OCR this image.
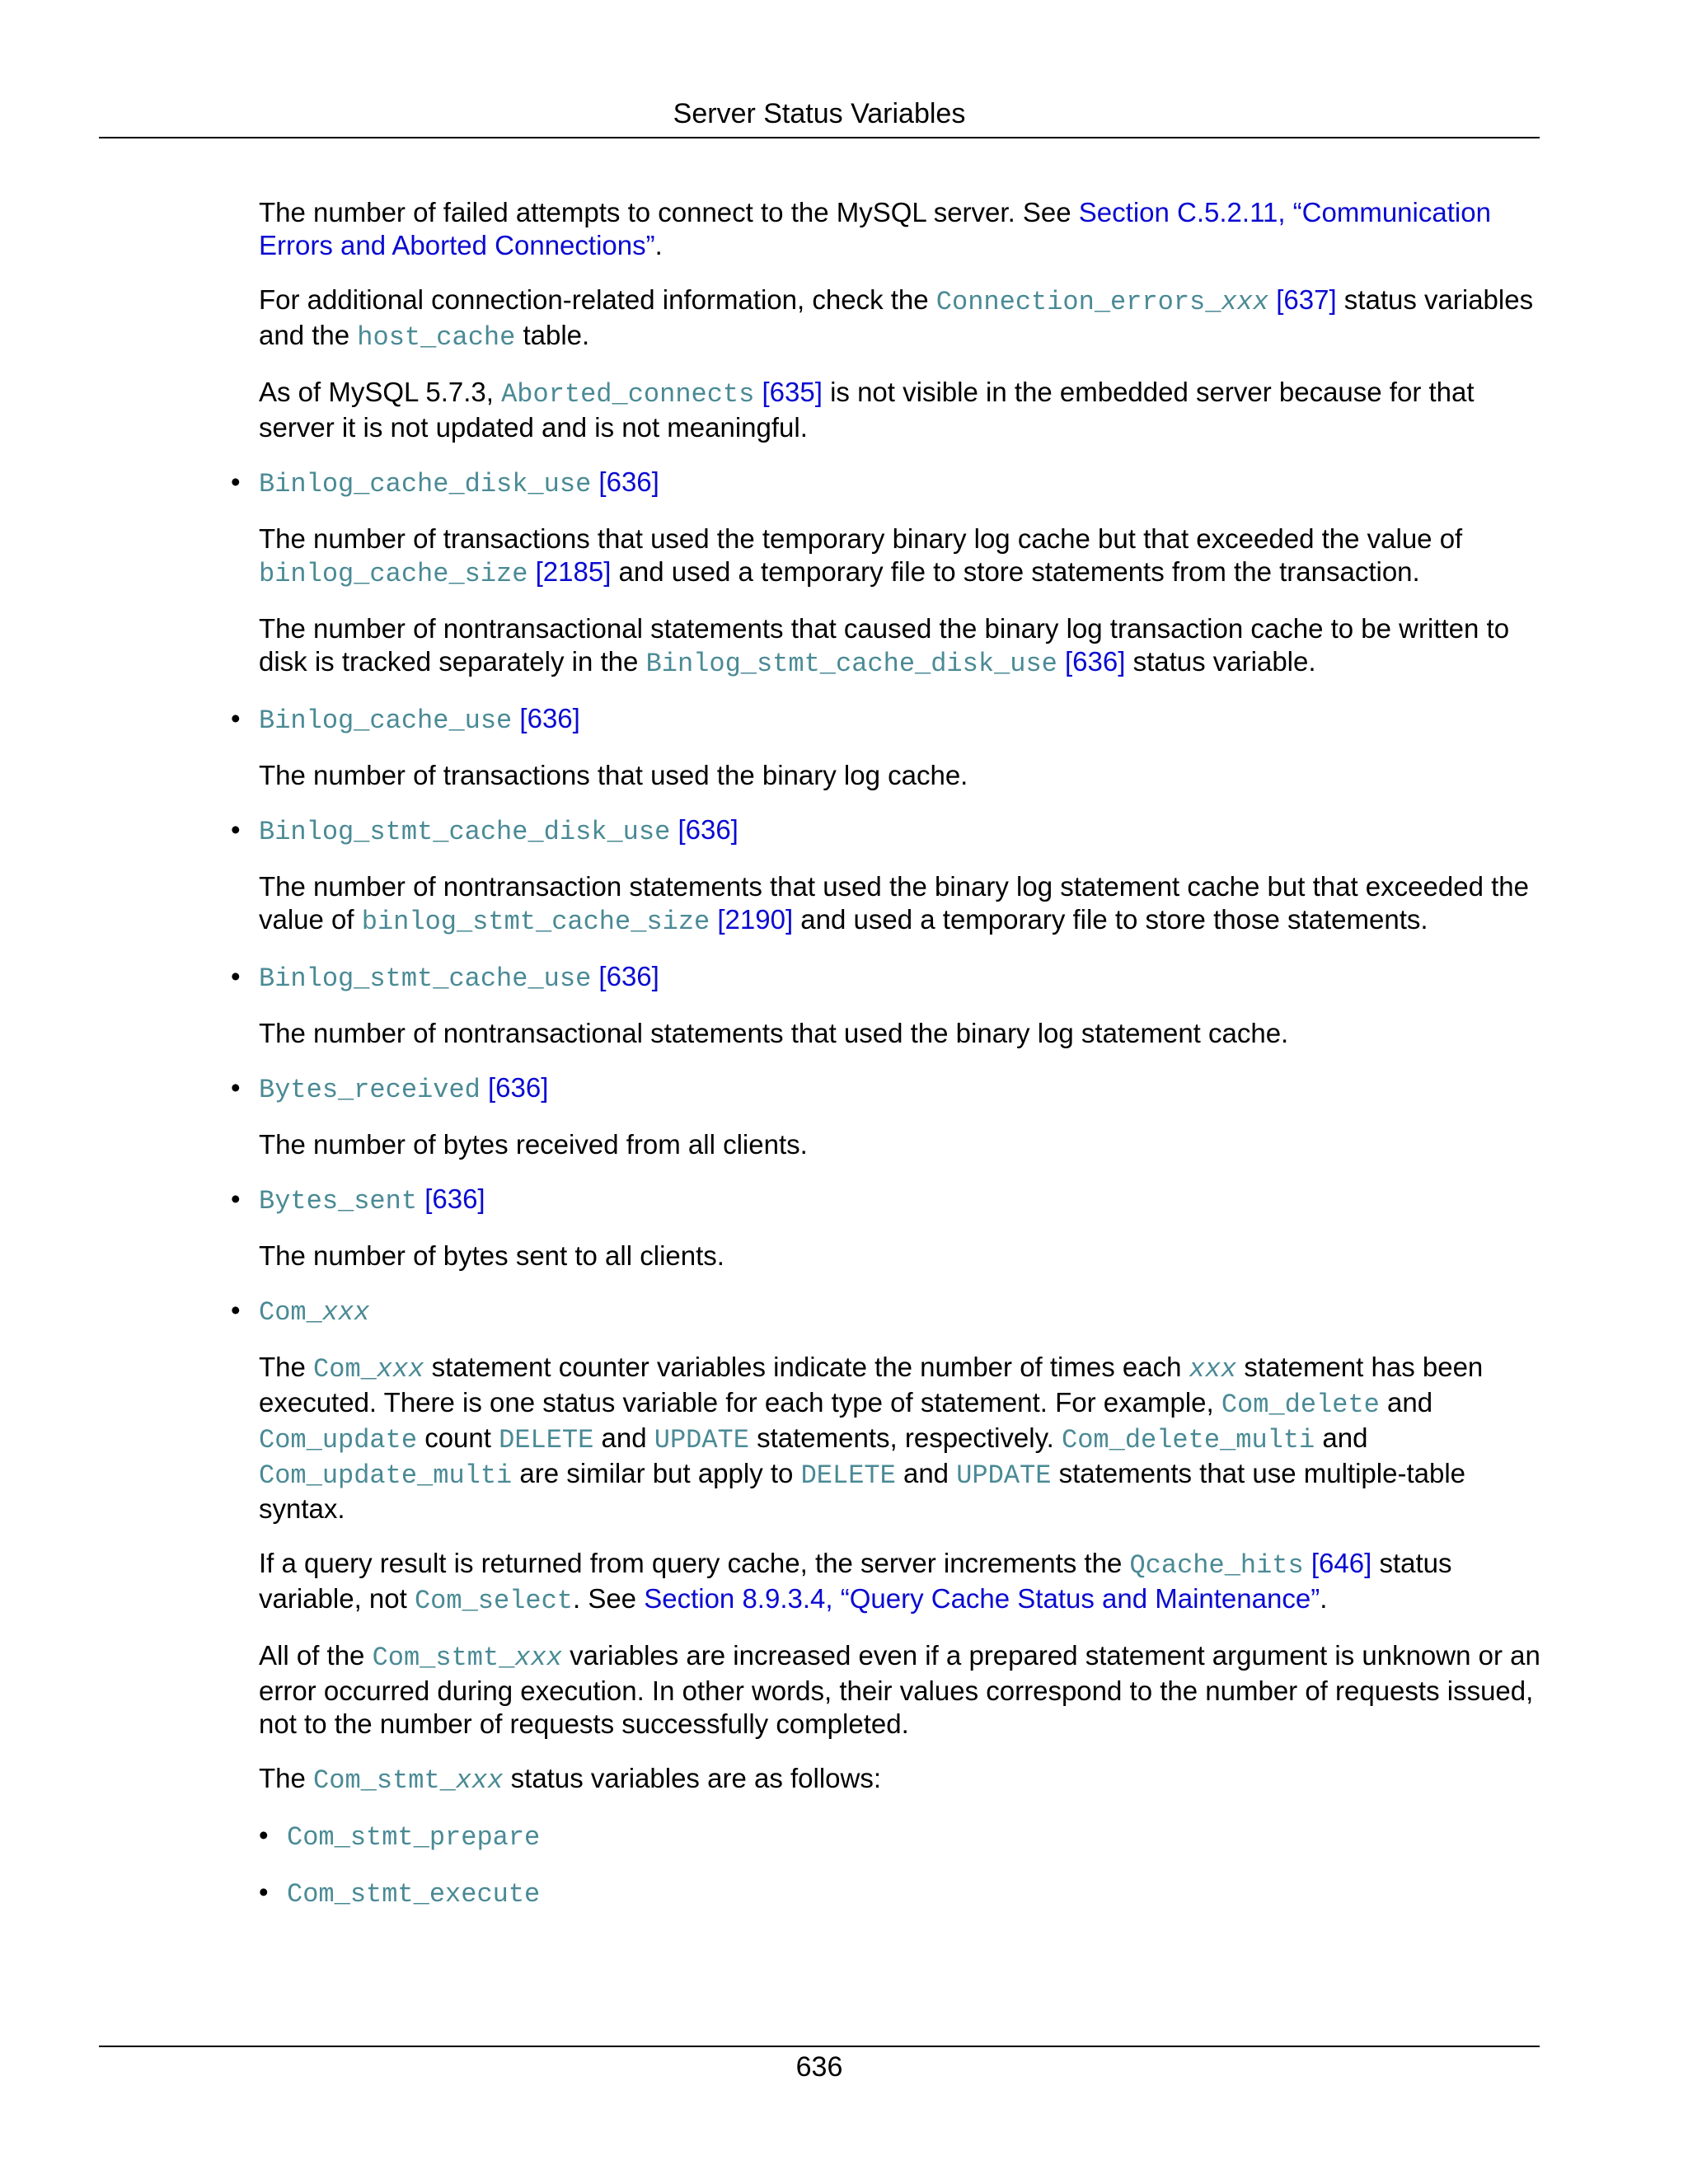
Server Status Variables

The number of failed attempts to connect to the MySQL server. See Section C.5.2.11, “Communication Errors and Aborted Connections”.

For additional connection-related information, check the Connection_errors_xxx [637] status variables and the host_cache table.

As of MySQL 5.7.3, Aborted_connects [635] is not visible in the embedded server because for that server it is not updated and is not meaningful.

• Binlog_cache_disk_use [636]

The number of transactions that used the temporary binary log cache but that exceeded the value of binlog_cache_size [2185] and used a temporary file to store statements from the transaction.

The number of nontransactional statements that caused the binary log transaction cache to be written to disk is tracked separately in the Binlog_stmt_cache_disk_use [636] status variable.

• Binlog_cache_use [636]

The number of transactions that used the binary log cache.

• Binlog_stmt_cache_disk_use [636]

The number of nontransaction statements that used the binary log statement cache but that exceeded the value of binlog_stmt_cache_size [2190] and used a temporary file to store those statements.

• Binlog_stmt_cache_use [636]

The number of nontransactional statements that used the binary log statement cache.

• Bytes_received [636]

The number of bytes received from all clients.

• Bytes_sent [636]

The number of bytes sent to all clients.

• Com_xxx

The Com_xxx statement counter variables indicate the number of times each xxx statement has been executed. There is one status variable for each type of statement. For example, Com_delete and Com_update count DELETE and UPDATE statements, respectively. Com_delete_multi and Com_update_multi are similar but apply to DELETE and UPDATE statements that use multiple-table syntax.

If a query result is returned from query cache, the server increments the Qcache_hits [646] status variable, not Com_select. See Section 8.9.3.4, “Query Cache Status and Maintenance”.

All of the Com_stmt_xxx variables are increased even if a prepared statement argument is unknown or an error occurred during execution. In other words, their values correspond to the number of requests issued, not to the number of requests successfully completed.

The Com_stmt_xxx status variables are as follows:

• Com_stmt_prepare
• Com_stmt_execute
636
